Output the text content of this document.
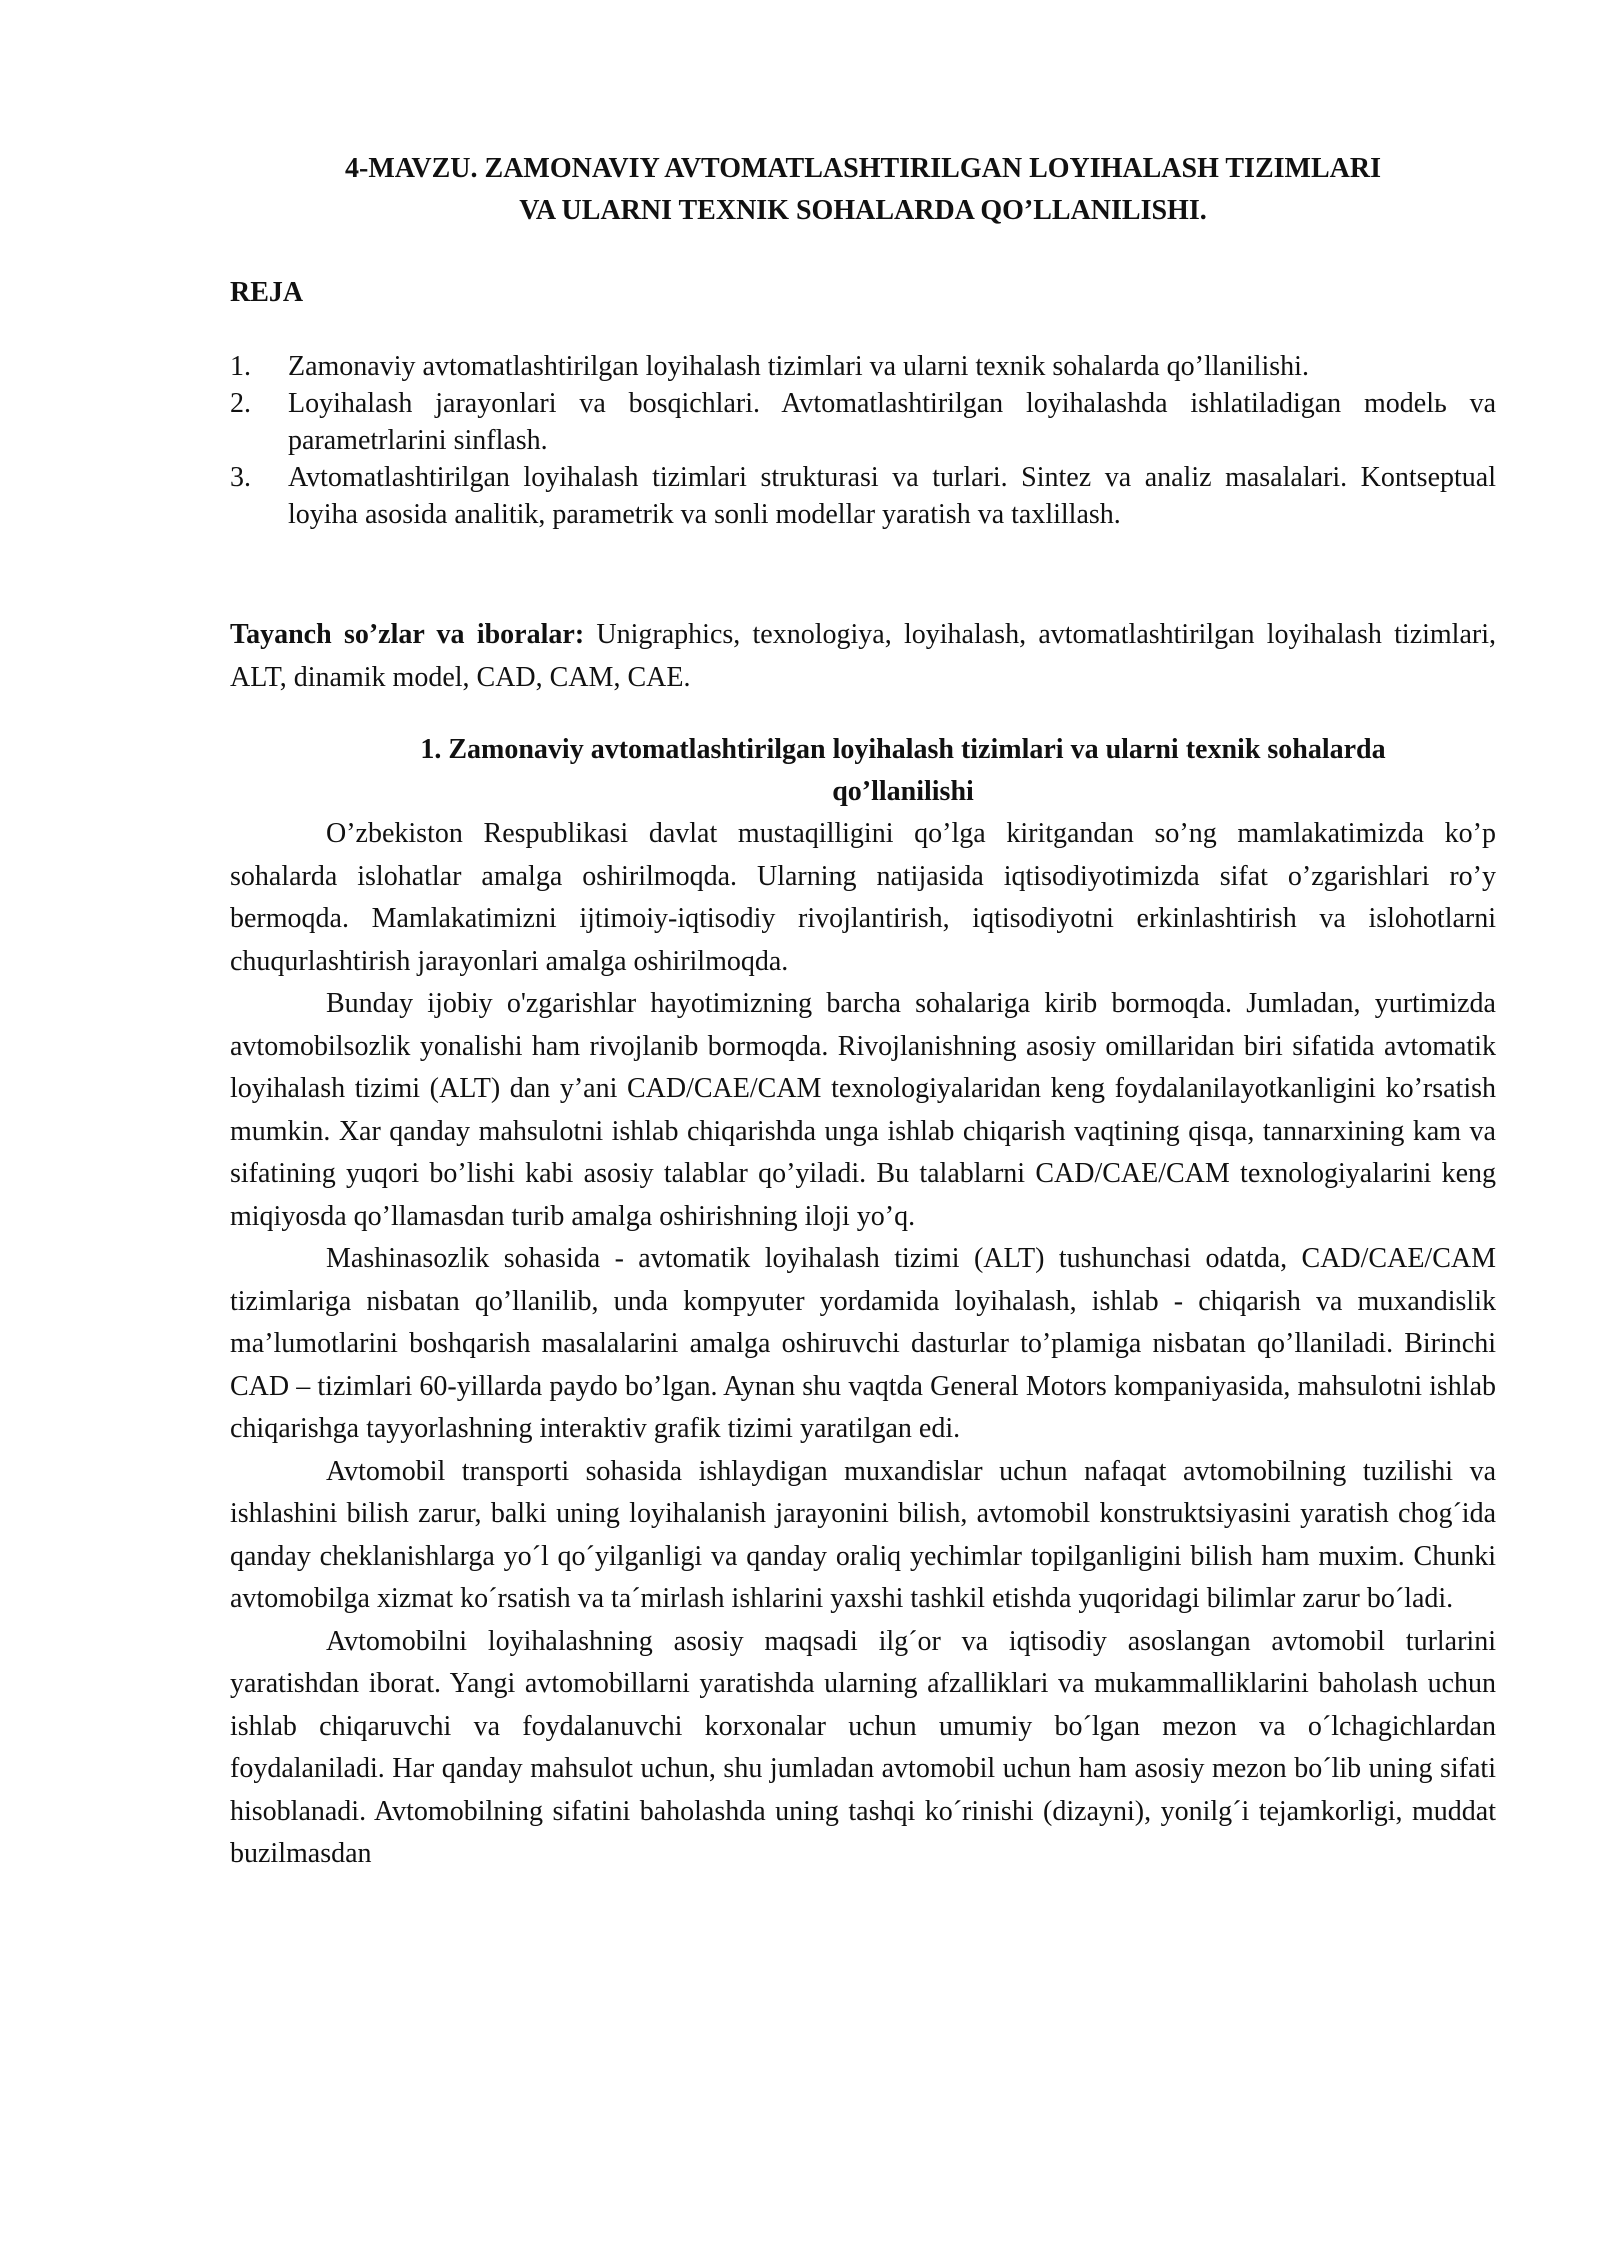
4-MAVZU. ZAMONAVIY AVTOMATLASHTIRILGAN LOYIHALASH TIZIMLARI
VA ULARNI TEXNIK SOHALARDA QO’LLANILISHI.
REJA
1.	Zamonaviy avtomatlashtirilgan loyihalash tizimlari va ularni texnik sohalarda qo’llanilishi.
2.	Loyihalash jarayonlari va bosqichlari. Avtomatlashtirilgan loyihalashda ishlatiladigan modelь va parametrlarini sinflash.
3.	Avtomatlashtirilgan loyihalash tizimlari strukturasi va turlari. Sintez va analiz masalalari. Kontseptual loyiha asosida analitik, parametrik va sonli modellar yaratish va taxlillash.

Tayanch so’zlar va iboralar: Unigraphics, texnologiya, loyihalash, avtomatlashtirilgan loyihalash tizimlari, ALT, dinamik model, CAD, CAM, CAE.

1. Zamonaviy avtomatlashtirilgan loyihalash tizimlari va ularni texnik sohalarda
qo’llanilishi

O’zbekiston Respublikasi davlat mustaqilligini qo’lga kiritgandan so’ng mamlakatimizda ko’p sohalarda islohatlar amalga oshirilmoqda. Ularning natijasida iqtisodiyotimizda sifat o’zgarishlari ro’y bermoqda. Mamlakatimizni ijtimoiy-iqtisodiy rivojlantirish, iqtisodiyotni erkinlashtirish va islohotlarni chuqurlashtirish jarayonlari amalga oshirilmoqda.

Bunday ijobiy o'zgarishlar hayotimizning barcha sohalariga kirib bormoqda. Jumladan, yurtimizda avtomobilsozlik yonalishi ham rivojlanib bormoqda. Rivojlanishning asosiy omillaridan biri sifatida avtomatik loyihalash tizimi (ALT) dan y’ani CAD/CAE/CAM texnologiyalaridan keng foydalanilayotkanligini ko’rsatish mumkin. Xar qanday mahsulotni ishlab chiqarishda unga ishlab chiqarish vaqtining qisqa, tannarxining kam va sifatining yuqori bo’lishi kabi asosiy talablar qo’yiladi. Bu talablarni CAD/CAE/CAM texnologiyalarini keng miqiyosda qo’llamasdan turib amalga oshirishning iloji yo’q.

Mashinasozlik sohasida - avtomatik loyihalash tizimi (ALT) tushunchasi odatda, CAD/CAE/CAM tizimlariga nisbatan qo’llanilib, unda kompyuter yordamida loyihalash, ishlab - chiqarish va muxandislik ma’lumotlarini boshqarish masalalarini amalga oshiruvchi dasturlar to’plamiga nisbatan qo’llaniladi. Birinchi CAD – tizimlari 60-yillarda paydo bo’lgan. Aynan shu vaqtda General Motors kompaniyasida, mahsulotni ishlab chiqarishga tayyorlashning interaktiv grafik tizimi yaratilgan edi.

Avtomobil transporti sohasida ishlaydigan muxandislar uchun nafaqat avtomobilning tuzilishi va ishlashini bilish zarur, balki uning loyihalanish jarayonini bilish, avtomobil konstruktsiyasini yaratish chog´ida qanday cheklanishlarga yo´l qo´yilganligi va qanday oraliq yechimlar topilganligini bilish ham muxim. Chunki avtomobilga xizmat ko´rsatish va ta´mirlash ishlarini yaxshi tashkil etishda yuqoridagi bilimlar zarur bo´ladi.

Avtomobilni loyihalashning asosiy maqsadi ilg´or va iqtisodiy asoslangan avtomobil turlarini yaratishdan iborat. Yangi avtomobillarni yaratishda ularning afzalliklari va mukammalliklarini baholash uchun ishlab chiqaruvchi va foydalanuvchi korxonalar uchun umumiy bo´lgan mezon va o´lchagichlardan foydalaniladi. Har qanday mahsulot uchun, shu jumladan avtomobil uchun ham asosiy mezon bo´lib uning sifati hisoblanadi. Avtomobilning sifatini baholashda uning tashqi ko´rinishi (dizayni), yonilg´i tejamkorligi, muddat buzilmasdan
